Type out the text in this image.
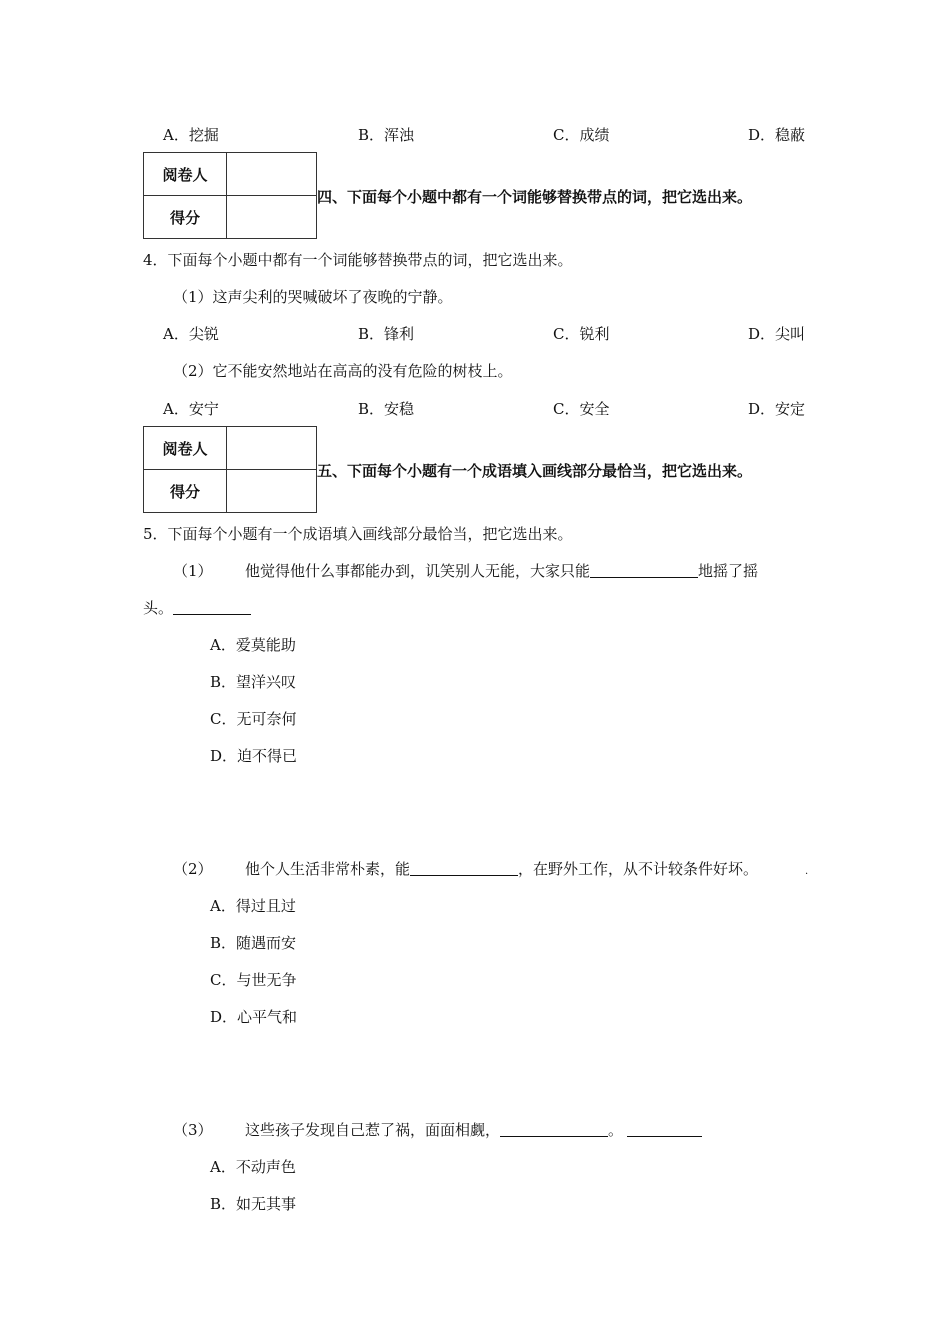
A．挖掘	B．浑浊	C．成绩	D．稳蔽
阅卷人	
得分	
四、下面每个小题中都有一个词能够替换带点的词，把它选出来。
4．下面每个小题中都有一个词能够替换带点的词，把它选出来。
（1）这声尖利的哭喊破坏了夜晚的宁静。
A．尖锐	B．锋利	C．锐利	D．尖叫
（2）它不能安然地站在高高的没有危险的树枝上。
A．安宁	B．安稳	C．安全	D．安定
阅卷人	
得分	
五、下面每个小题有一个成语填入画线部分最恰当，把它选出来。
5．下面每个小题有一个成语填入画线部分最恰当，把它选出来。
（1） 他觉得他什么事都能办到，讥笑别人无能，大家只能	地摇了摇
头。
A．爱莫能助
B．望洋兴叹
C．无可奈何
D．迫不得已
（2） 他个人生活非常朴素，能	，在野外工作，从不计较条件好坏。	.
A．得过且过
B．随遇而安
C．与世无争
D．心平气和
（3） 这些孩子发现自己惹了祸，面面相觑，	。
A．不动声色
B．如无其事
